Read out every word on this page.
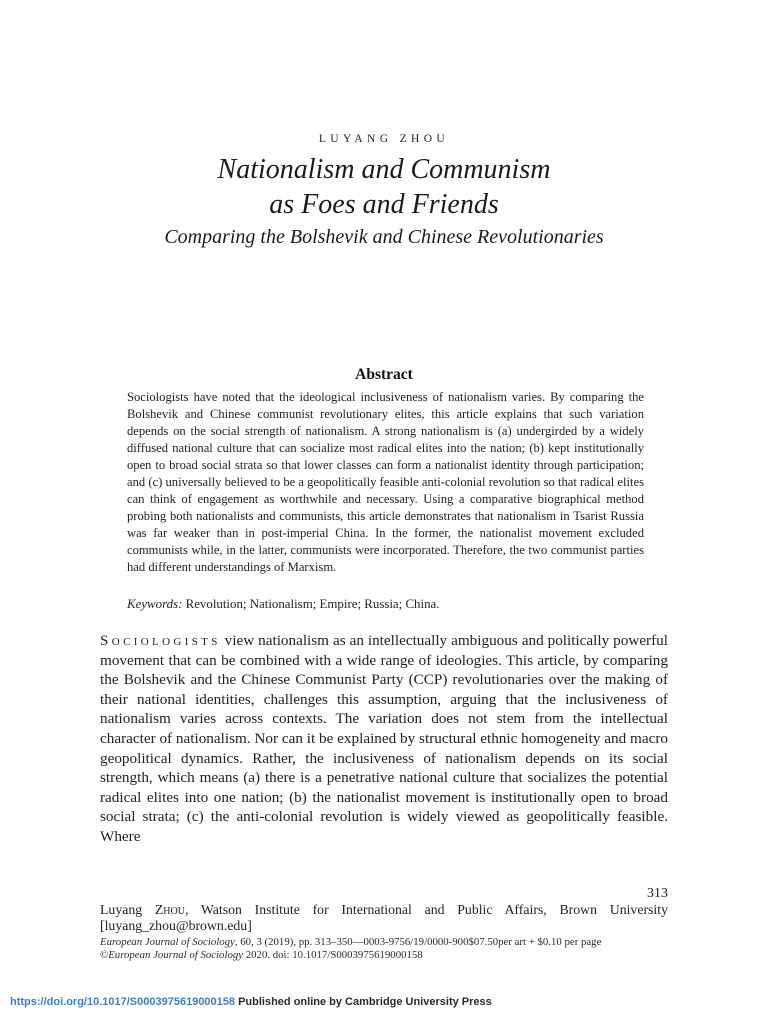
LUYANG ZHOU
Nationalism and Communism
as Foes and Friends
Comparing the Bolshevik and Chinese Revolutionaries
Abstract
Sociologists have noted that the ideological inclusiveness of nationalism varies. By comparing the Bolshevik and Chinese communist revolutionary elites, this article explains that such variation depends on the social strength of nationalism. A strong nationalism is (a) undergirded by a widely diffused national culture that can socialize most radical elites into the nation; (b) kept institutionally open to broad social strata so that lower classes can form a nationalist identity through participation; and (c) universally believed to be a geopolitically feasible anti-colonial revolution so that radical elites can think of engagement as worthwhile and necessary. Using a comparative biographical method probing both nationalists and communists, this article demonstrates that nationalism in Tsarist Russia was far weaker than in post-imperial China. In the former, the nationalist movement excluded communists while, in the latter, communists were incorporated. Therefore, the two communist parties had different understandings of Marxism.
Keywords: Revolution; Nationalism; Empire; Russia; China.
Sociologists view nationalism as an intellectually ambiguous and politically powerful movement that can be combined with a wide range of ideologies. This article, by comparing the Bolshevik and the Chinese Communist Party (CCP) revolutionaries over the making of their national identities, challenges this assumption, arguing that the inclusiveness of nationalism varies across contexts. The variation does not stem from the intellectual character of nationalism. Nor can it be explained by structural ethnic homogeneity and macro geopolitical dynamics. Rather, the inclusiveness of nationalism depends on its social strength, which means (a) there is a penetrative national culture that socializes the potential radical elites into one nation; (b) the nationalist movement is institutionally open to broad social strata; (c) the anti-colonial revolution is widely viewed as geopolitically feasible. Where
313
Luyang Zhou, Watson Institute for International and Public Affairs, Brown University [luyang_zhou@brown.edu]
European Journal of Sociology, 60, 3 (2019), pp. 313–350—0003-9756/19/0000-900$07.50per art + $0.10 per page
©European Journal of Sociology 2020. doi: 10.1017/S0003975619000158
https://doi.org/10.1017/S0003975619000158 Published online by Cambridge University Press
